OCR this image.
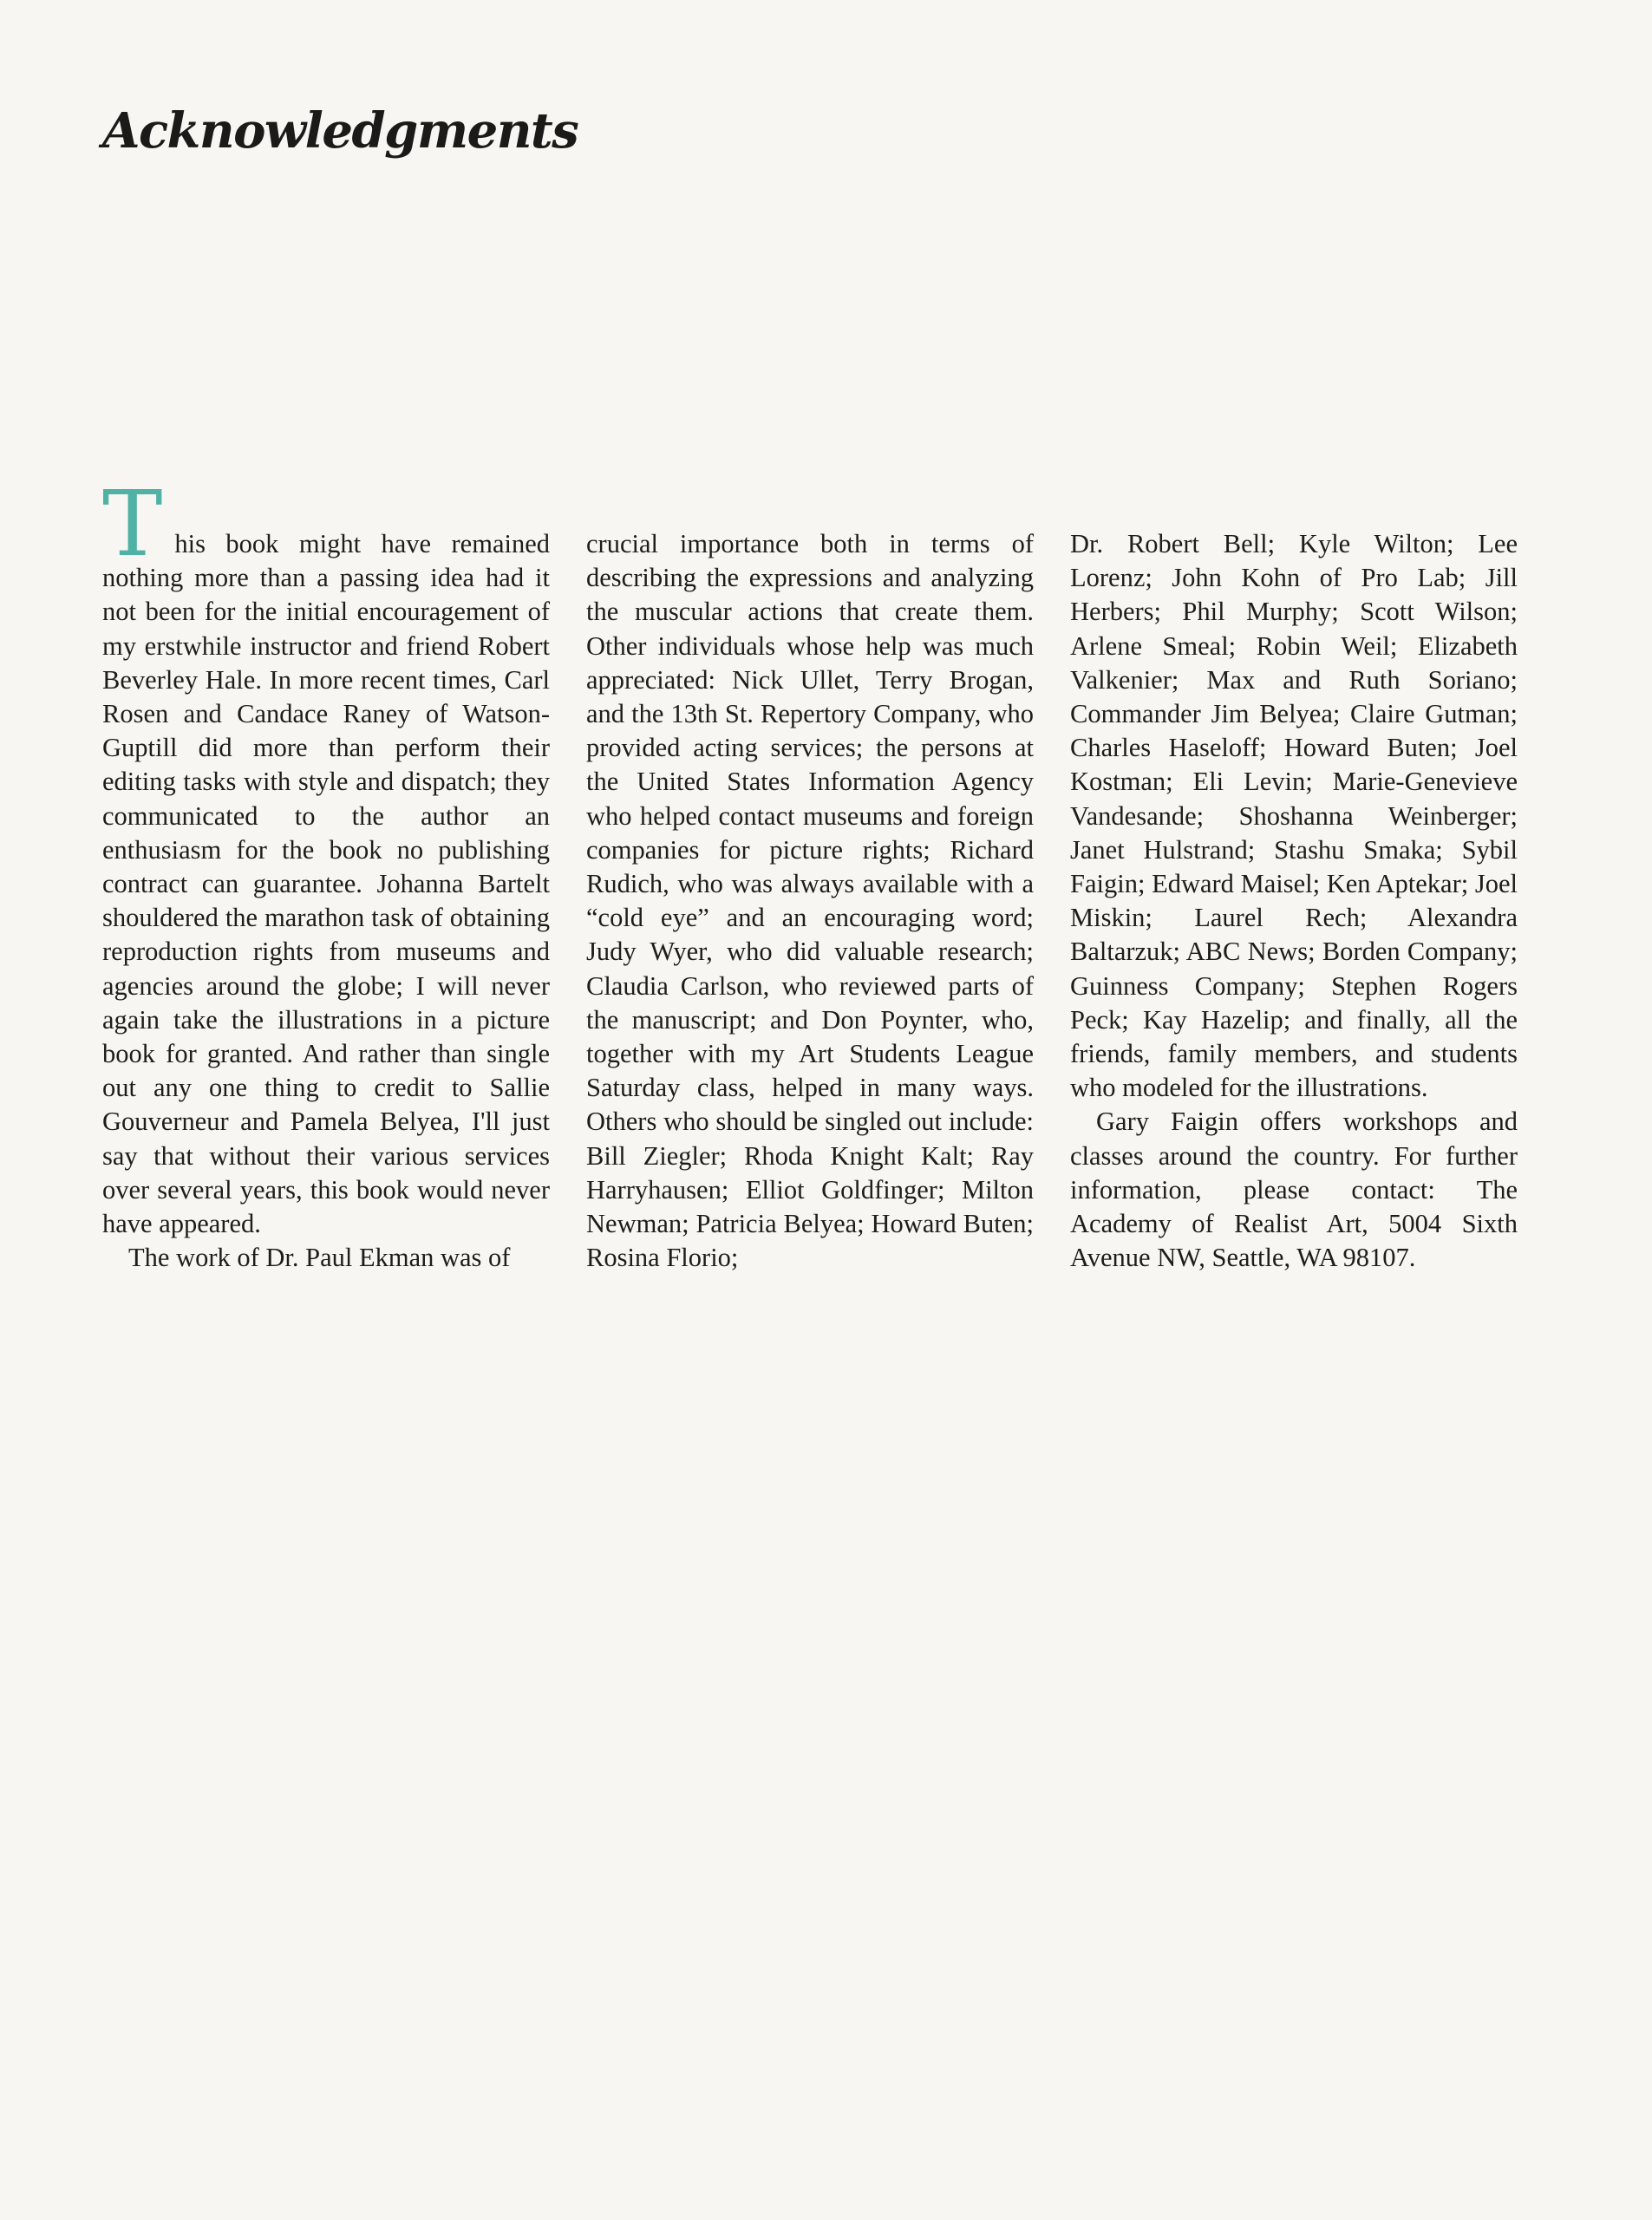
Acknowledgments

This book might have remained nothing more than a passing idea had it not been for the initial encouragement of my erstwhile instructor and friend Robert Beverley Hale. In more recent times, Carl Rosen and Candace Raney of Watson-Guptill did more than perform their editing tasks with style and dispatch; they communicated to the author an enthusiasm for the book no publishing contract can guarantee. Johanna Bartelt shouldered the marathon task of obtaining reproduction rights from museums and agencies around the globe; I will never again take the illustrations in a picture book for granted. And rather than single out any one thing to credit to Sallie Gouverneur and Pamela Belyea, I'll just say that without their various services over several years, this book would never have appeared.

The work of Dr. Paul Ekman was of

crucial importance both in terms of describing the expressions and analyzing the muscular actions that create them. Other individuals whose help was much appreciated: Nick Ullet, Terry Brogan, and the 13th St. Repertory Company, who provided acting services; the persons at the United States Information Agency who helped contact museums and foreign companies for picture rights; Richard Rudich, who was always available with a “cold eye” and an encouraging word; Judy Wyer, who did valuable research; Claudia Carlson, who reviewed parts of the manuscript; and Don Poynter, who, together with my Art Students League Saturday class, helped in many ways. Others who should be singled out include: Bill Ziegler; Rhoda Knight Kalt; Ray Harryhausen; Elliot Goldfinger; Milton Newman; Patricia Belyea; Howard Buten; Rosina Florio;

Dr. Robert Bell; Kyle Wilton; Lee Lorenz; John Kohn of Pro Lab; Jill Herbers; Phil Murphy; Scott Wilson; Arlene Smeal; Robin Weil; Elizabeth Valkenier; Max and Ruth Soriano; Commander Jim Belyea; Claire Gutman; Charles Haseloff; Howard Buten; Joel Kostman; Eli Levin; Marie-Genevieve Vandesande; Shoshanna Weinberger; Janet Hulstrand; Stashu Smaka; Sybil Faigin; Edward Maisel; Ken Aptekar; Joel Miskin; Laurel Rech; Alexandra Baltarzuk; ABC News; Borden Company; Guinness Company; Stephen Rogers Peck; Kay Hazelip; and finally, all the friends, family members, and students who modeled for the illustrations.

Gary Faigin offers workshops and classes around the country. For further information, please contact: The Academy of Realist Art, 5004 Sixth Avenue NW, Seattle, WA 98107.
